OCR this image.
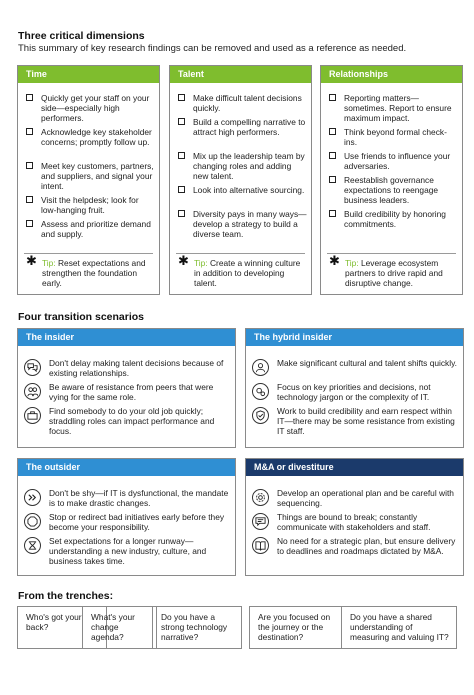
Three critical dimensions
This summary of key research findings can be removed and used as a reference as needed.
Time
Quickly get your staff on your side—especially high performers.
Acknowledge key stakeholder concerns; promptly follow up.
Meet key customers, partners, and suppliers, and signal your intent.
Visit the helpdesk; look for low-hanging fruit.
Assess and prioritize demand and supply.
✱ Tip: Reset expectations and strengthen the foundation early.
Talent
Make difficult talent decisions quickly.
Build a compelling narrative to attract high performers.
Mix up the leadership team by changing roles and adding new talent.
Look into alternative sourcing.
Diversity pays in many ways—develop a strategy to build a diverse team.
✱ Tip: Create a winning culture in addition to developing talent.
Relationships
Reporting matters—sometimes. Report to ensure maximum impact.
Think beyond formal check-ins.
Use friends to influence your adversaries.
Reestablish governance expectations to reengage business leaders.
Build credibility by honoring commitments.
✱ Tip: Leverage ecosystem partners to drive rapid and disruptive change.
Four transition scenarios
The insider
Don't delay making talent decisions because of existing relationships.
Be aware of resistance from peers that were vying for the same role.
Find somebody to do your old job quickly; straddling roles can impact performance and focus.
The hybrid insider
Make significant cultural and talent shifts quickly.
Focus on key priorities and decisions, not technology jargon or the complexity of IT.
Work to build credibility and earn respect within IT—there may be some resistance from existing IT staff.
The outsider
Don't be shy—if IT is dysfunctional, the mandate is to make drastic changes.
Stop or redirect bad initiatives early before they become your responsibility.
Set expectations for a longer runway—understanding a new industry, culture, and business takes time.
M&A or divestiture
Develop an operational plan and be careful with sequencing.
Things are bound to break; constantly communicate with stakeholders and staff.
No need for a strategic plan, but ensure delivery to deadlines and roadmaps dictated by M&A.
From the trenches:
Who's got your back?
What's your change agenda?
Do you have a strong technology narrative?
Are you focused on the journey or the destination?
Do you have a shared understanding of measuring and valuing IT?
